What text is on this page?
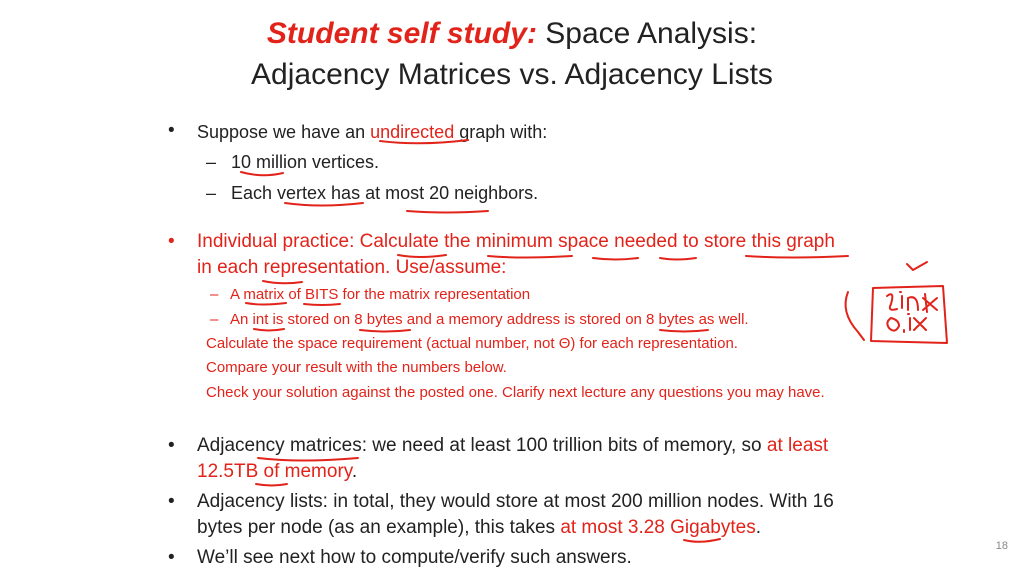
Student self study: Space Analysis:
Adjacency Matrices vs. Adjacency Lists
• Suppose we have an undirected graph with:
– 10 million vertices.
– Each vertex has at most 20 neighbors.
• Individual practice: Calculate the minimum space needed to store this graph
in each representation. Use/assume:
– A matrix of BITS for the matrix representation
– An int is stored on 8 bytes and a memory address is stored on 8 bytes as well.
Calculate the space requirement (actual number, not Θ) for each representation.
Compare your result with the numbers below.
Check your solution against the posted one. Clarify next lecture any questions you may have.
• Adjacency matrices: we need at least 100 trillion bits of memory, so at least
12.5TB of memory.
• Adjacency lists: in total, they would store at most 200 million nodes. With 16
bytes per node (as an example), this takes at most 3.28 Gigabytes.
• We’ll see next how to compute/verify such answers.
18
